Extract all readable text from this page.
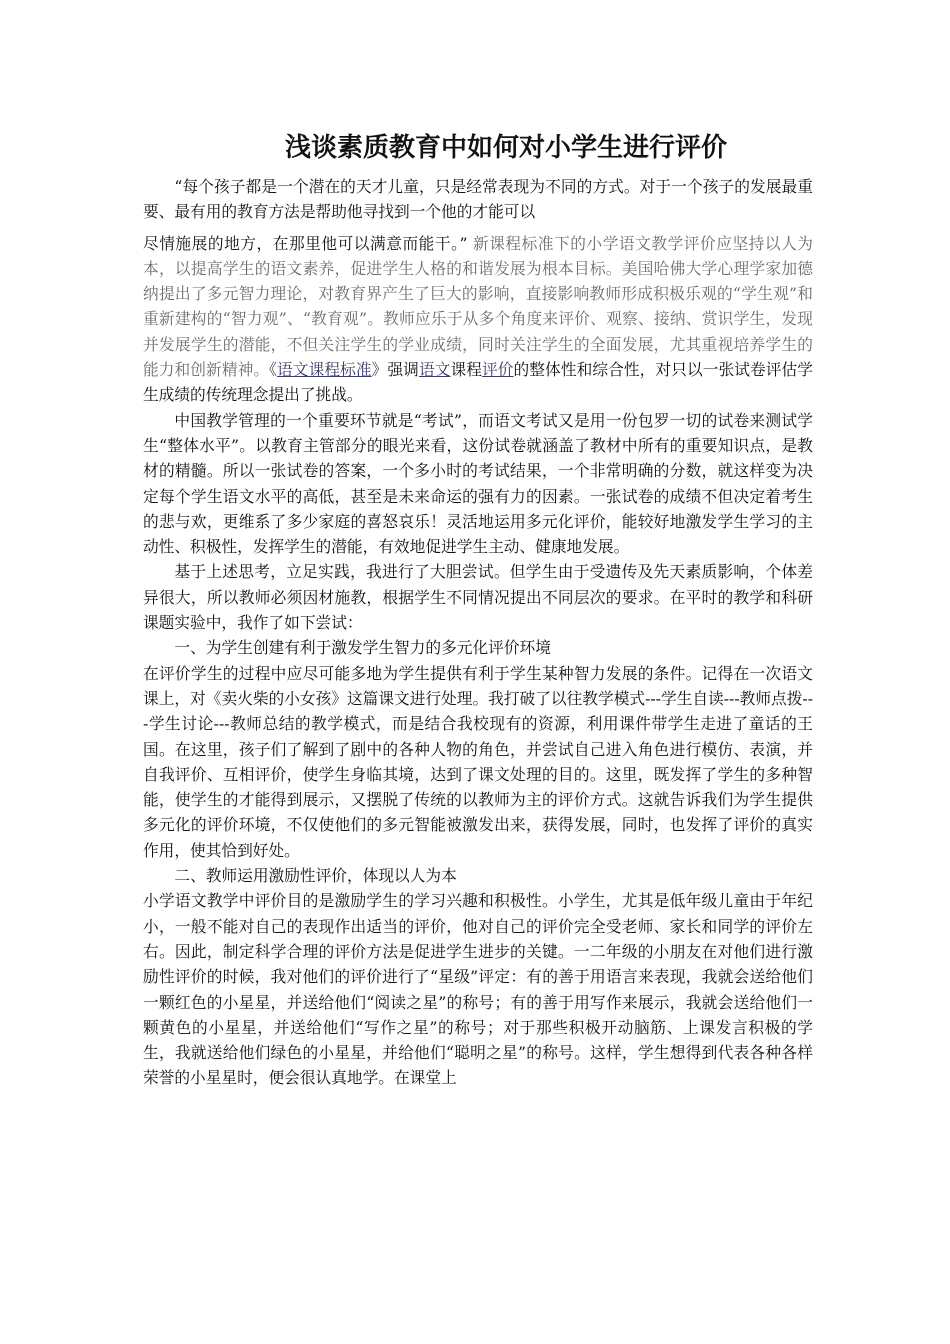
浅谈素质教育中如何对小学生进行评价

“每个孩子都是一个潜在的天才儿童，只是经常表现为不同的方式。对于一个孩子的发展最重要、最有用的教育方法是帮助他寻找到一个他的才能可以

尽情施展的地方，在那里他可以满意而能干。” 新课程标准下的小学语文教学评价应坚持以人为本，以提高学生的语文素养，促进学生人格的和谐发展为根本目标。美国哈佛大学心理学家加德纳提出了多元智力理论，对教育界产生了巨大的影响，直接影响教师形成积极乐观的“学生观”和重新建构的“智力观”、“教育观”。教师应乐于从多个角度来评价、观察、接纳、赏识学生，发现并发展学生的潜能，不但关注学生的学业成绩，同时关注学生的全面发展，尤其重视培养学生的能力和创新精神。《语文课程标准》强调语文课程评价的整体性和综合性，对只以一张试卷评估学生成绩的传统理念提出了挑战。

中国教学管理的一个重要环节就是“考试”，而语文考试又是用一份包罗一切的试卷来测试学生“整体水平”。以教育主管部分的眼光来看，这份试卷就涵盖了教材中所有的重要知识点，是教材的精髓。所以一张试卷的答案，一个多小时的考试结果，一个非常明确的分数，就这样变为决定每个学生语文水平的高低，甚至是未来命运的强有力的因素。一张试卷的成绩不但决定着考生的悲与欢，更维系了多少家庭的喜怒哀乐！灵活地运用多元化评价，能较好地激发学生学习的主动性、积极性，发挥学生的潜能，有效地促进学生主动、健康地发展。

基于上述思考，立足实践，我进行了大胆尝试。但学生由于受遗传及先天素质影响，个体差异很大，所以教师必须因材施教，根据学生不同情况提出不同层次的要求。在平时的教学和科研课题实验中，我作了如下尝试：

一、为学生创建有利于激发学生智力的多元化评价环境

在评价学生的过程中应尽可能多地为学生提供有利于学生某种智力发展的条件。记得在一次语文课上，对《卖火柴的小女孩》这篇课文进行处理。我打破了以往教学模式---学生自读---教师点拨---学生讨论---教师总结的教学模式，而是结合我校现有的资源，利用课件带学生走进了童话的王国。在这里，孩子们了解到了剧中的各种人物的角色，并尝试自己进入角色进行模仿、表演，并自我评价、互相评价，使学生身临其境，达到了课文处理的目的。这里，既发挥了学生的多种智能，使学生的才能得到展示，又摆脱了传统的以教师为主的评价方式。这就告诉我们为学生提供多元化的评价环境，不仅使他们的多元智能被激发出来，获得发展，同时，也发挥了评价的真实作用，使其恰到好处。

二、教师运用激励性评价，体现以人为本

小学语文教学中评价目的是激励学生的学习兴趣和积极性。小学生，尤其是低年级儿童由于年纪小，一般不能对自己的表现作出适当的评价，他对自己的评价完全受老师、家长和同学的评价左右。因此，制定科学合理的评价方法是促进学生进步的关键。一二年级的小朋友在对他们进行激励性评价的时候，我对他们的评价进行了“星级”评定：有的善于用语言来表现，我就会送给他们一颗红色的小星星，并送给他们“阅读之星”的称号；有的善于用写作来展示，我就会送给他们一颗黄色的小星星，并送给他们“写作之星”的称号；对于那些积极开动脑筋、上课发言积极的学生，我就送给他们绿色的小星星，并给他们“聪明之星”的称号。这样，学生想得到代表各种各样荣誉的小星星时，便会很认真地学。在课堂上
